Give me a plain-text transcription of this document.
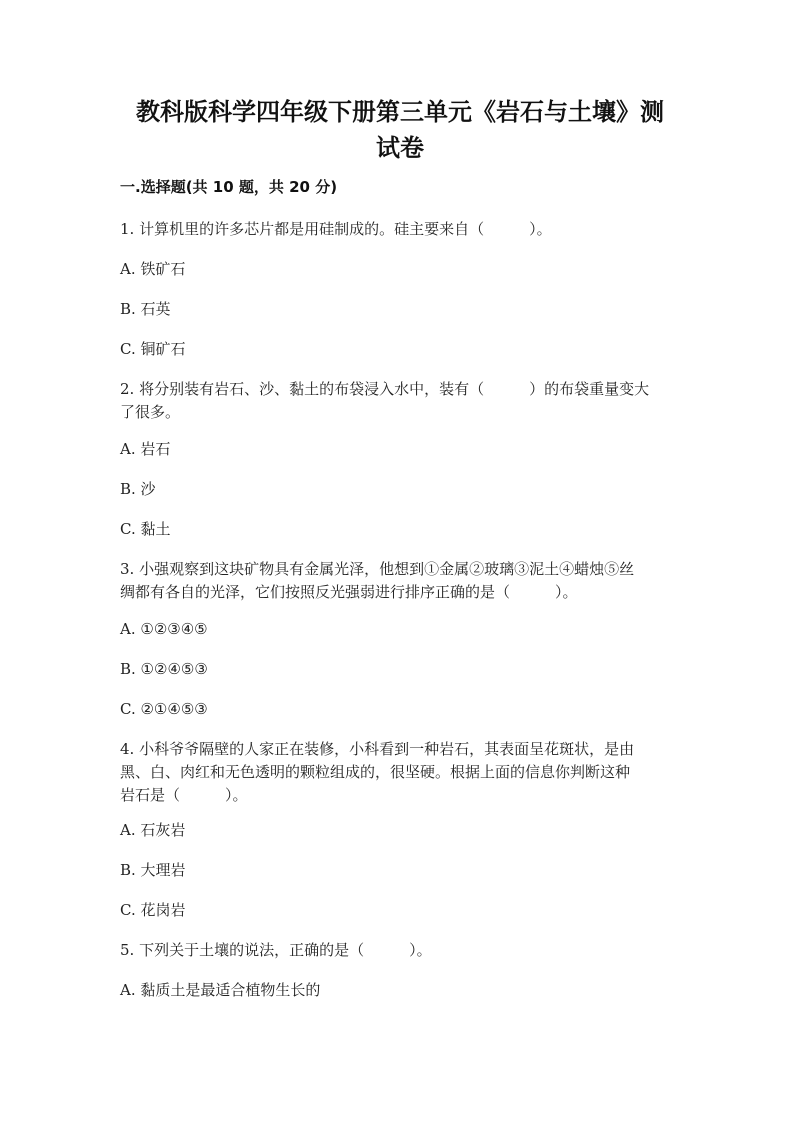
教科版科学四年级下册第三单元《岩石与土壤》测
试卷
一.选择题(共 10 题，共 20 分)
1. 计算机里的许多芯片都是用硅制成的。硅主要来自（　　　）。
A. 铁矿石
B. 石英
C. 铜矿石
2. 将分别装有岩石、沙、黏土的布袋浸入水中，装有（　　　）的布袋重量变大
了很多。
A. 岩石
B. 沙
C. 黏土
3. 小强观察到这块矿物具有金属光泽，他想到①金属②玻璃③泥土④蜡烛⑤丝
绸都有各自的光泽，它们按照反光强弱进行排序正确的是（　　　）。
A. ①②③④⑤
B. ①②④⑤③
C. ②①④⑤③
4. 小科爷爷隔壁的人家正在装修，小科看到一种岩石，其表面呈花斑状，是由
黑、白、肉红和无色透明的颗粒组成的，很坚硬。根据上面的信息你判断这种
岩石是（　　　）。
A. 石灰岩
B. 大理岩
C. 花岗岩
5. 下列关于土壤的说法，正确的是（　　　）。
A. 黏质土是最适合植物生长的
